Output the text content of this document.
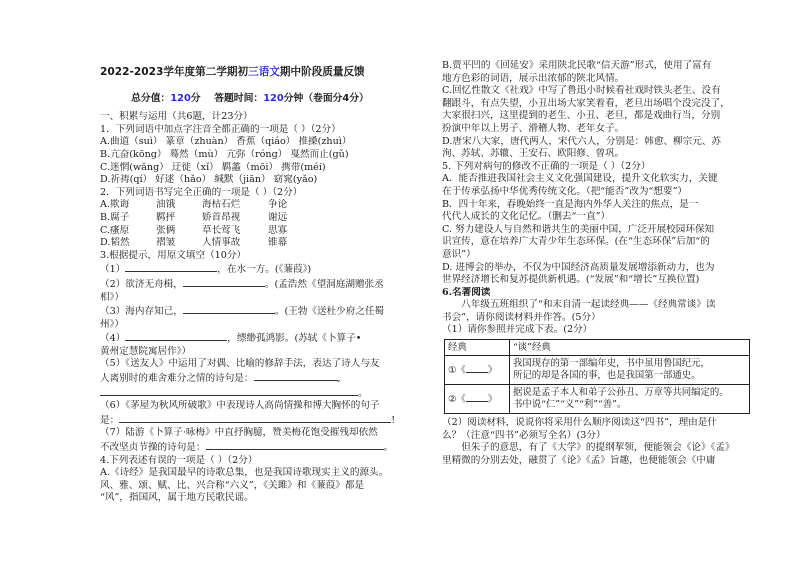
2022-2023学年度第二学期初三语文期中阶段质量反馈
总分值：120分 答题时间：120分钟（卷面分4分）
一、积累与运用（共6题，计23分）
1．下列词语中加点字注音全都正确的一项是（ ）（2分）
A.曲道（suì） 篆章（zhuàn） 香蕉（qiáo） 推搡(zhuì）
B.亢奋(kōng） 蓦然（mù） 亢弥（róng） 戛然而止(gǔ)
C.迷惘(wǎng） 迂徙（xǐ） 羁蠡（mōi） 携带(méi)
D.祈祷(qí） 好逑（hǎo） 缄默（jiān） 窈窕(yǎo)
2．下列词语书写完全正确的一项是（ ）（2分）
A.欺诲	油饿	海枯石烂	争论
B.腐子	羁抨	娇首昂视	谢远
C.瘙原	张俩	草长莺飞	思寡
D.韬然	褶皱	人情事故	锥幕
3.根据提示，用原文填空（10分）
（1）	，在水一方。(《蒹葭》)
（2）欲济无舟楫，	。(孟浩然《望洞庭湖赠张丞
相》）
（3）海内存知己，	。(王勃《送杜少府之任蜀
州》）
（4）	，缥缈孤鸿影。(苏轼《卜算子•
黄州定慧院寓居作》）
（5）《送友人》中运用了对偶、比喻的修辞手法，表达了诗人与友
人离别时的难舍难分之情的诗句是：	,
。
（6）《茅屋为秋风所破歌》中表现诗人高尚情操和博大胸怀的句子
是：	!
（7）陆游《卜算子·咏梅》中直抒胸臆，赞美梅花饱受摧残却依然
不改坚贞节操的诗句是：	。
4.下列表述有误的一项是（ ）（2分）
A.《诗经》是我国最早的诗歌总集，也是我国诗歌现实主义的源头。
风、雅、颂、赋、比、兴合称“六义”，《关雎》和《蒹葭》都是
“风”，指国风，属于地方民歌民谣。
B.贾平凹的《回延安》采用陕北民歌“信天游”形式，使用了富有
地方色彩的词语，展示出浓郁的陕北风情。
C.回忆性散文《社戏》中写了鲁迅小时候看社戏时铁头老生、没有
翻跟斗，有点失望，小丑出场大家笑着看，老旦出场唱个没完没了，
大家很扫兴，这里提到的老生、小丑、老旦，都是戏曲行当，分别
扮演中年以上男子、滑稽人物、老年女子。
D.唐宋八大家，唐代两人，宋代六人，分别是：韩愈、柳宗元、苏
洵、苏轼、苏辙、王安石、欧阳修、曾巩。
5. 下列对病句的修改不正确的一项是（ ）（2分）
A．能否推进我国社会主义文化强国建设，提升文化软实力，关键
在于传承弘扬中华优秀传统文化。（把“能否”改为“想要”）
B．四十年来，春晚始终一直是海内外华人关注的焦点，是一
代代人成长的文化记忆。（删去“一直”）
C. 努力建设人与自然和谐共生的美丽中国，广泛开展校园环保知
识宣传，意在培养广大青少年生态环保。(在“生态环保”后加“的
意识”）
D. 进博会的举办，不仅为中国经济高质量发展增添新动力，也为
世界经济增长和复苏提供新机遇。(“发展”和“增长”互换位置)
6.名著阅读
八年级五班组织了“和末自清一起读经典——《经典常谈》读
书会”，请你阅读材料并作答。(5分）
（1）请你参照并完成下表。(2分）
经典	“谈”经典
①《 》	我国现存的第一部编年史，书中虽用鲁国纪元，
所记的却是各国的事，也是我国第一部通史。

②《 》	据说是孟子本人和弟子公孙丑、万章等共同编定的。
书中说“仁”“义”“利”“善”。
（2）阅读材料，说说你将采用什么顺序阅读这“四书”，理由是什
么？（注意“四书”必须写全名）(3分）
但朱子的意思，有了《大学》的提纲挈领，便能领会《论》《孟》
里精微的分别去处，融贯了《论》《孟》旨趣，也便能领会《中庸
